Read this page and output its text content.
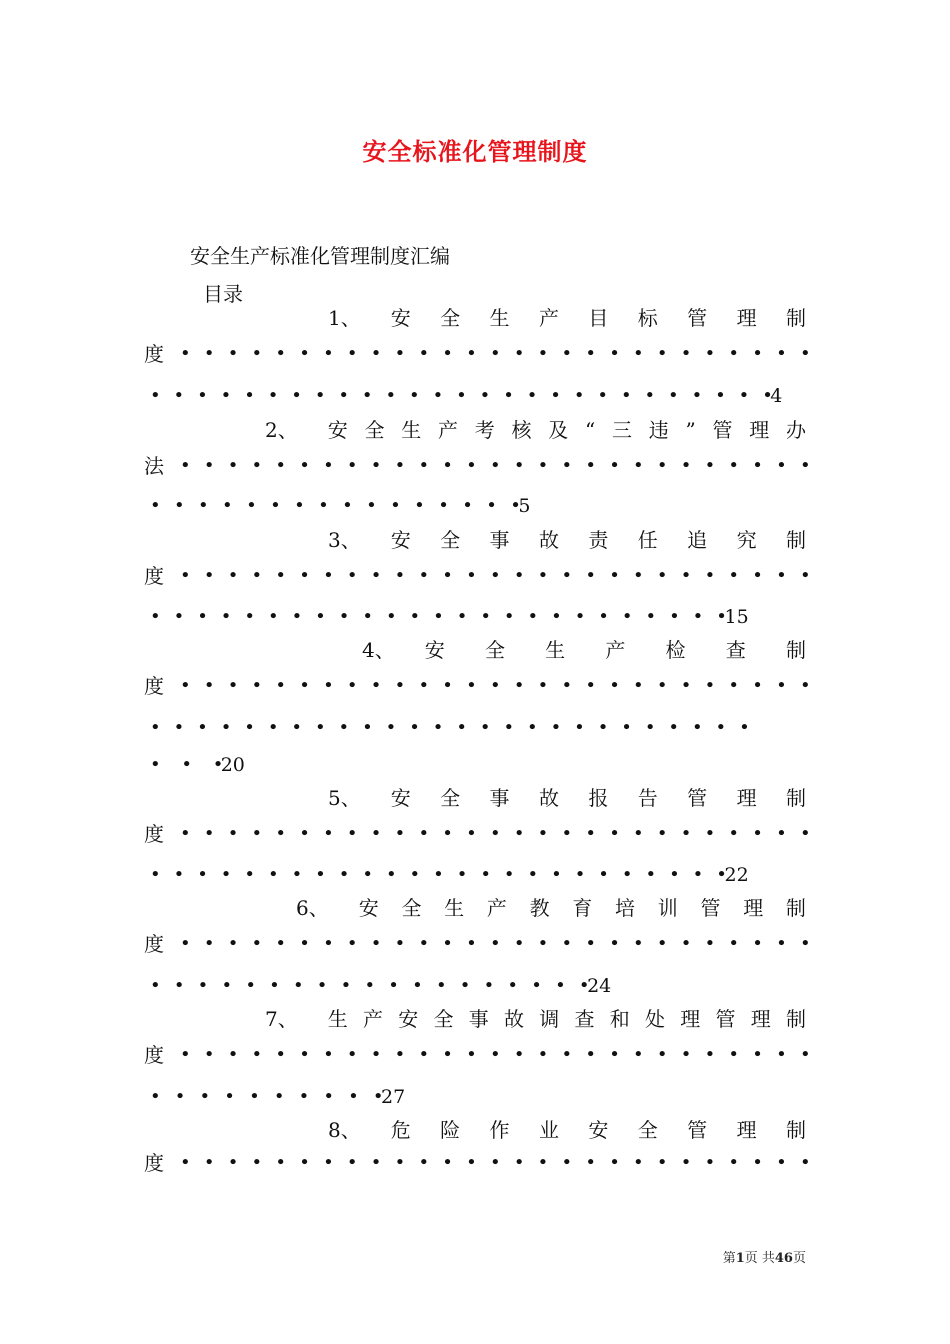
安全标准化管理制度
安全生产标准化管理制度汇编
目录
1 、 安 全 生 产 目 标 管 理 制
度 • • • • • • • • • • • • • • • • • • • • • • • • • • •
• • • • • • • • • • • • • • • • • • • • • • • • • • •
4
2 、 安 全 生 产 考 核 及 “ 三 违 ” 管 理 办
法 • • • • • • • • • • • • • • • • • • • • • • • • • • •
• • • • • • • • • • • • • • • •
5
3 、 安 全 事 故 责 任 追 究 制
度 • • • • • • • • • • • • • • • • • • • • • • • • • • •
• • • • • • • • • • • • • • • • • • • • • • • • •
15
4 、 安 全 生 产 检 查 制
度 • • • • • • • • • • • • • • • • • • • • • • • • • • •
• • • • • • • • • • • • • • • • • • • • • • • • • •
• • •
20
5 、 安 全 事 故 报 告 管 理 制
度 • • • • • • • • • • • • • • • • • • • • • • • • • • •
• • • • • • • • • • • • • • • • • • • • • • • • •
22
6 、 安 全 生 产 教 育 培 训 管 理 制
度 • • • • • • • • • • • • • • • • • • • • • • • • • • •
• • • • • • • • • • • • • • • • • • •
24
7 、 生 产 安 全 事 故 调 查 和 处 理 管 理 制
度 • • • • • • • • • • • • • • • • • • • • • • • • • • •
• • • • • • • • • •
27
8 、 危 险 作 业 安 全 管 理 制
度 • • • • • • • • • • • • • • • • • • • • • • • • • • •
第1页 共46页
